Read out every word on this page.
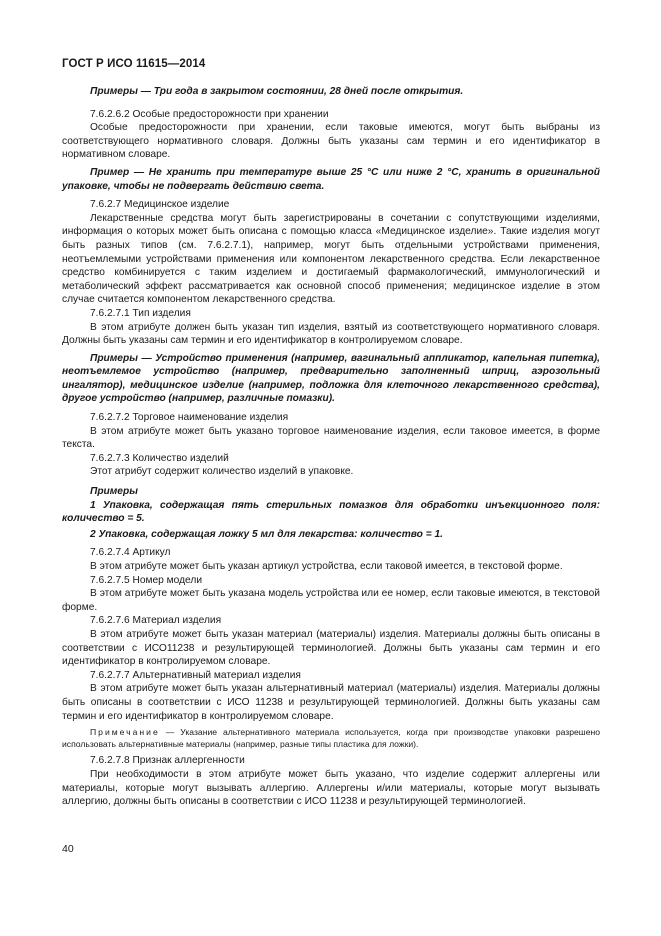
ГОСТ Р ИСО 11615—2014

Примеры — Три года в закрытом состоянии, 28 дней после открытия.

7.6.2.6.2 Особые предосторожности при хранении

Особые предосторожности при хранении, если таковые имеются, могут быть выбраны из соответствующего нормативного словаря. Должны быть указаны сам термин и его идентификатор в нормативном словаре.

Пример — Не хранить при температуре выше 25 °С или ниже 2 °С, хранить в оригинальной упаковке, чтобы не подвергать действию света.

7.6.2.7 Медицинское изделие

Лекарственные средства могут быть зарегистрированы в сочетании с сопутствующими изделиями, информация о которых может быть описана с помощью класса «Медицинское изделие». Такие изделия могут быть разных типов (см. 7.6.2.7.1), например, могут быть отдельными устройствами применения, неотъемлемыми устройствами применения или компонентом лекарственного средства. Если лекарственное средство комбинируется с таким изделием и достигаемый фармакологический, иммунологический и метаболический эффект рассматривается как основной способ применения; медицинское изделие в этом случае считается компонентом лекарственного средства.

7.6.2.7.1 Тип изделия

В этом атрибуте должен быть указан тип изделия, взятый из соответствующего нормативного словаря. Должны быть указаны сам термин и его идентификатор в контролируемом словаре.

Примеры — Устройство применения (например, вагинальный аппликатор, капельная пипетка), неотъемлемое устройство (например, предварительно заполненный шприц, аэрозольный ингалятор), медицинское изделие (например, подложка для клеточного лекарственного средства), другое устройство (например, различные помазки).

7.6.2.7.2 Торговое наименование изделия

В этом атрибуте может быть указано торговое наименование изделия, если таковое имеется, в форме текста.

7.6.2.7.3 Количество изделий

Этот атрибут содержит количество изделий в упаковке.

Примеры

1 Упаковка, содержащая пять стерильных помазков для обработки инъекционного поля: количество = 5.

2 Упаковка, содержащая ложку 5 мл для лекарства: количество = 1.

7.6.2.7.4 Артикул

В этом атрибуте может быть указан артикул устройства, если таковой имеется, в текстовой форме.

7.6.2.7.5 Номер модели

В этом атрибуте может быть указана модель устройства или ее номер, если таковые имеются, в текстовой форме.

7.6.2.7.6 Материал изделия

В этом атрибуте может быть указан материал (материалы) изделия. Материалы должны быть описаны в соответствии с ИСО11238 и результирующей терминологией. Должны быть указаны сам термин и его идентификатор в контролируемом словаре.

7.6.2.7.7 Альтернативный материал изделия

В этом атрибуте может быть указан альтернативный материал (материалы) изделия. Материалы должны быть описаны в соответствии с ИСО 11238 и результирующей терминологией. Должны быть указаны сам термин и его идентификатор в контролируемом словаре.

Примечание — Указание альтернативного материала используется, когда при производстве упаковки разрешено использовать альтернативные материалы (например, разные типы пластика для ложки).

7.6.2.7.8 Признак аллергенности

При необходимости в этом атрибуте может быть указано, что изделие содержит аллергены или материалы, которые могут вызывать аллергию. Аллергены и/или материалы, которые могут вызывать аллергию, должны быть описаны в соответствии с ИСО 11238 и результирующей терминологией.

40
